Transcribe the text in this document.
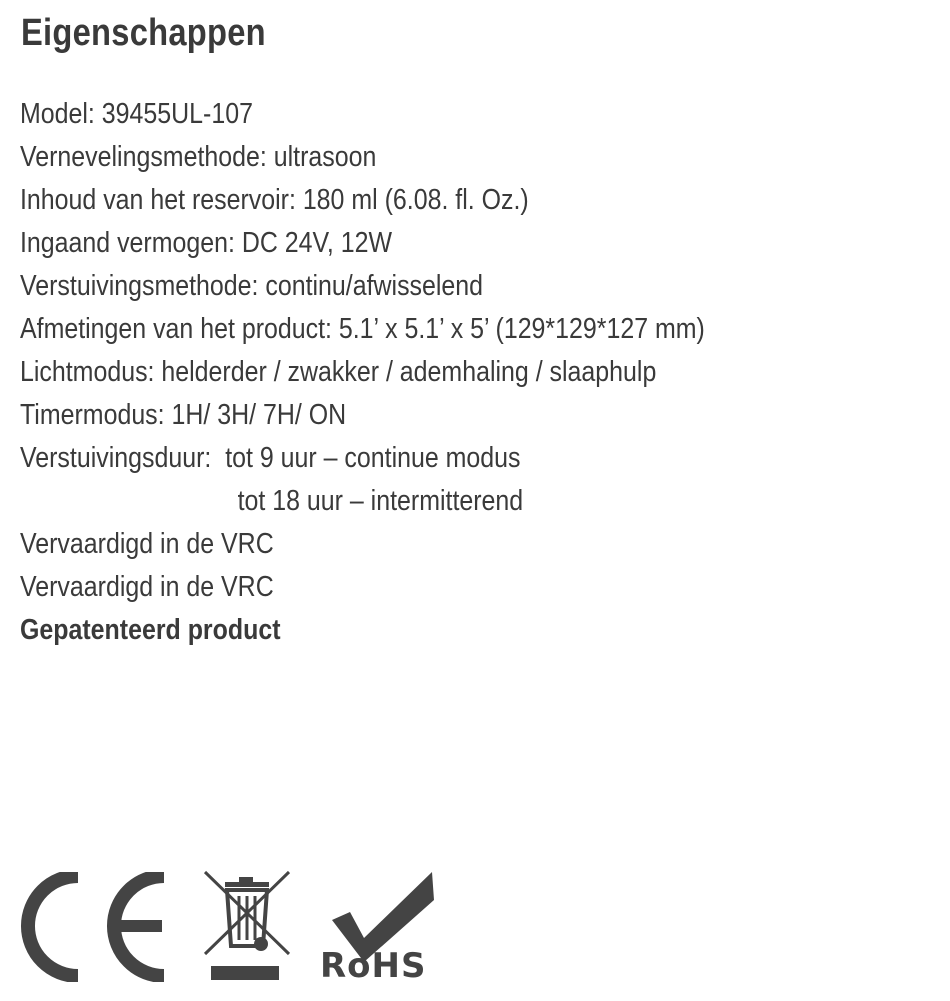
Eigenschappen
Model: 39455UL-107
Vernevelingsmethode: ultrasoon
Inhoud van het reservoir: 180 ml (6.08. fl. Oz.)
Ingaand vermogen: DC 24V, 12W
Verstuivingsmethode: continu/afwisselend
Afmetingen van het product: 5.1’ x 5.1’ x 5’ (129*129*127 mm)
Lichtmodus: helderder / zwakker / ademhaling / slaaphulp
Timermodus: 1H/ 3H/ 7H/ ON
Verstuivingsduur: tot 9 uur – continue modus
tot 18 uur – intermitterend
Vervaardigd in de VRC
Vervaardigd in de VRC
Gepatenteerd product
RoHS
